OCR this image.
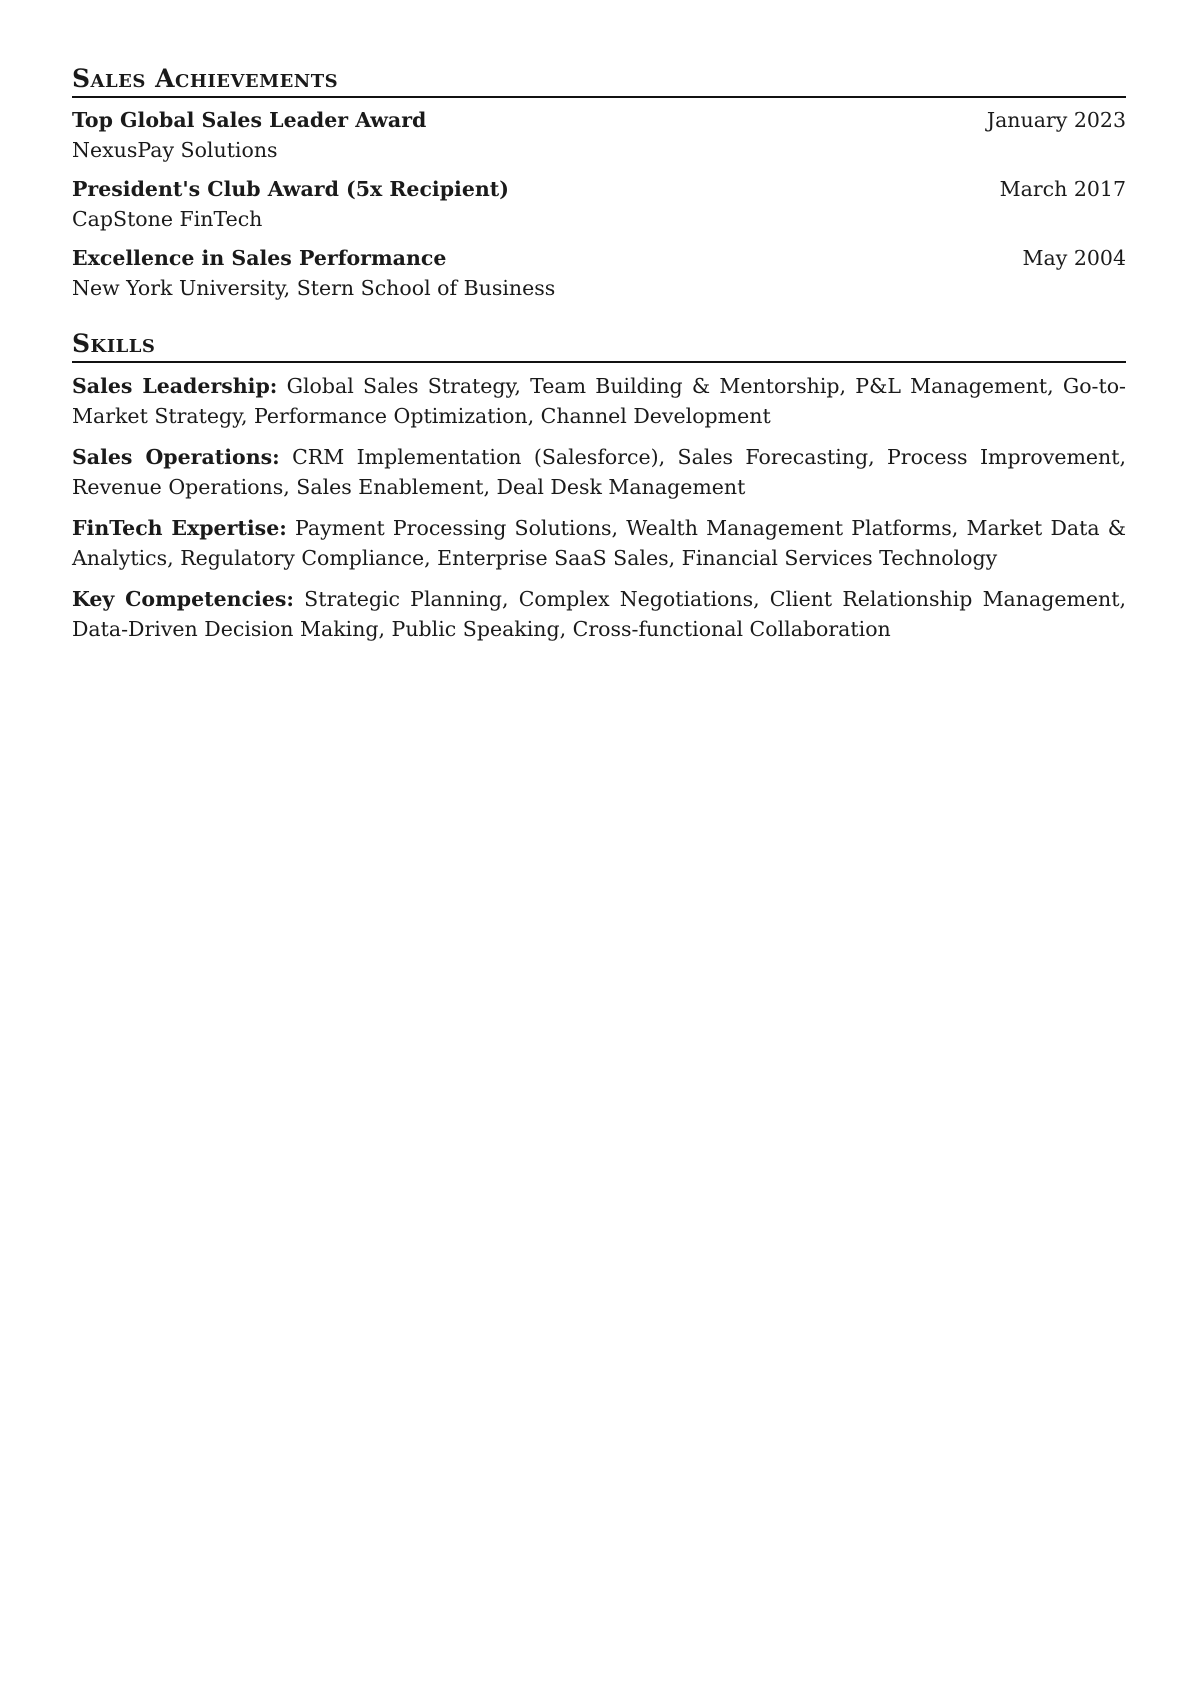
Sales Achievements
Top Global Sales Leader Award	January 2023
NexusPay Solutions
President's Club Award (5x Recipient)	March 2017
CapStone FinTech
Excellence in Sales Performance	May 2004
New York University, Stern School of Business
Skills

Sales Leadership: Global Sales Strategy, Team Building & Mentorship, P&L Management, Go-to-Market Strategy, Performance Optimization, Channel Development

Sales Operations: CRM Implementation (Salesforce), Sales Forecasting, Process Improvement, Revenue Operations, Sales Enablement, Deal Desk Management

FinTech Expertise: Payment Processing Solutions, Wealth Management Platforms, Market Data & Analytics, Regulatory Compliance, Enterprise SaaS Sales, Financial Services Technology

Key Competencies: Strategic Planning, Complex Negotiations, Client Relationship Management, Data-Driven Decision Making, Public Speaking, Cross-functional Collaboration
